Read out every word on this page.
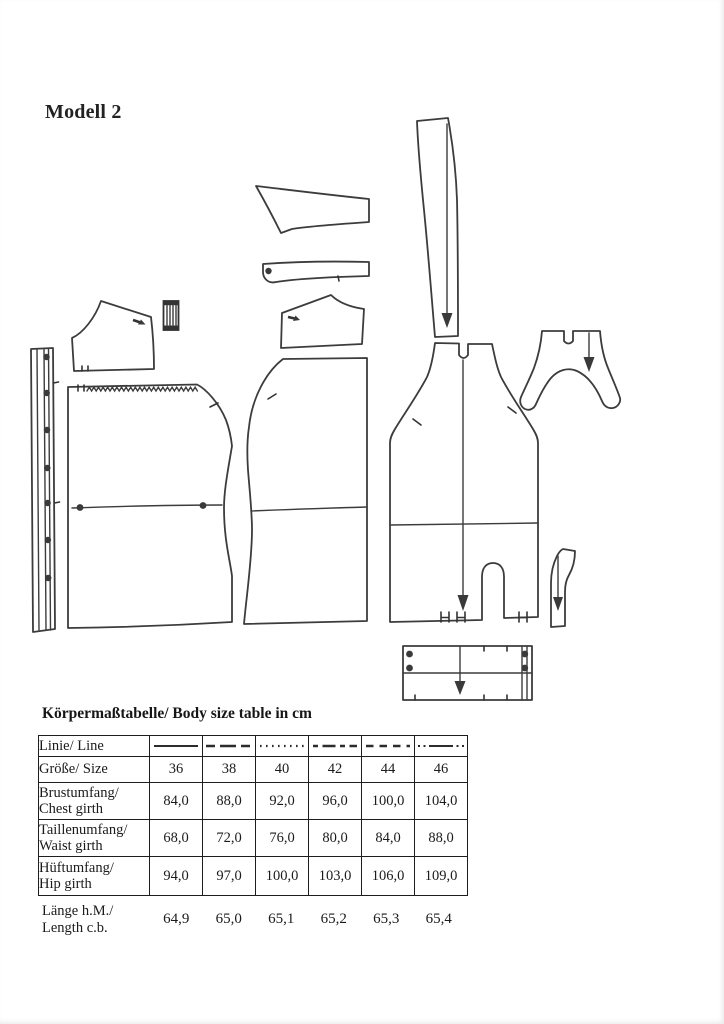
Modell 2
Körpermaßtabelle/ Body size table in cm
Linie/ Line	

Größe/ Size	36	38	40	42	44	46
Brustumfang/
Chest girth	84,0	88,0	92,0	96,0	100,0	104,0
Taillenumfang/
Waist girth	68,0	72,0	76,0	80,0	84,0	88,0
Hüftumfang/
Hip girth	94,0	97,0	100,0	103,0	106,0	109,0
Länge h.M./
Length c.b.
64,9	65,0	65,1	65,2	65,3	65,4
